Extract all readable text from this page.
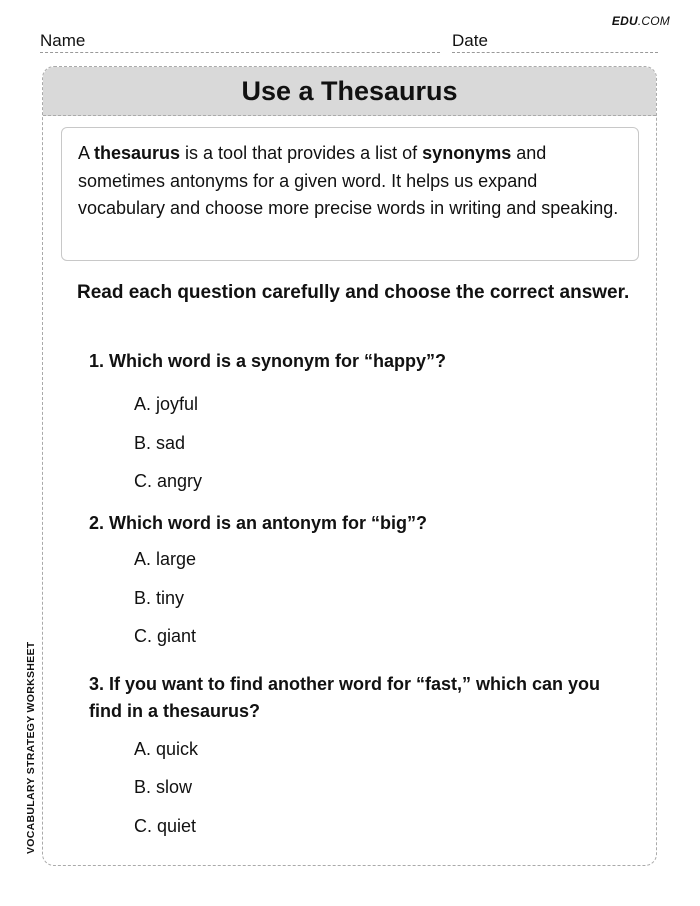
EDU.COM
Name	Date
Use a Thesaurus
A thesaurus is a tool that provides a list of synonyms and sometimes antonyms for a given word. It helps us expand vocabulary and choose more precise words in writing and speaking.
Read each question carefully and choose the correct answer.
1. Which word is a synonym for “happy”?
A. joyful
B. sad
C. angry
2. Which word is an antonym for “big”?
A. large
B. tiny
C. giant
3. If you want to find another word for “fast,” which can you find in a thesaurus?
A. quick
B. slow
C. quiet
VOCABULARY STRATEGY WORKSHEET
